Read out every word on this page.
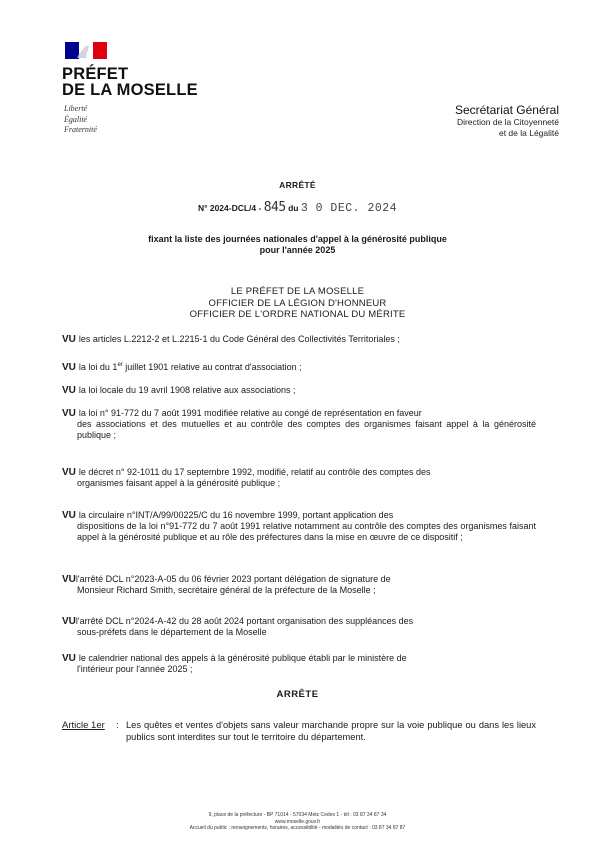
PRÉFET
DE LA MOSELLE
Liberté
Égalité
Fraternité
Secrétariat Général
Direction de la Citoyenneté
et de la Légalité
ARRÊTÉ
N° 2024-DCL/4 - 845 du 3 0 DEC. 2024
fixant la liste des journées nationales d'appel à la générosité publique
pour l'année 2025
LE PRÉFET DE LA MOSELLE
OFFICIER DE LA LÉGION D'HONNEUR
OFFICIER DE L'ORDRE NATIONAL DU MÉRITE
VU les articles L.2212-2 et L.2215-1 du Code Général des Collectivités Territoriales ;
VU la loi du 1er juillet 1901 relative au contrat d'association ;
VU la loi locale du 19 avril 1908 relative aux associations ;
VU la loi n° 91-772 du 7 août 1991 modifiée relative au congé de représentation en faveur
des associations et des mutuelles et au contrôle des comptes des organismes faisant appel à la générosité publique ;
VU le décret n° 92-1011 du 17 septembre 1992, modifié, relatif au contrôle des comptes des
organismes faisant appel à la générosité publique ;
VU la circulaire n°INT/A/99/00225/C du 16 novembre 1999, portant application des
dispositions de la loi n°91-772 du 7 août 1991 relative notamment au contrôle des comptes des organismes faisant appel à la générosité publique et au rôle des préfectures dans la mise en œuvre de ce dispositif ;
VUl'arrêté DCL n°2023-A-05 du 06 février 2023 portant délégation de signature de
Monsieur Richard Smith, secrétaire général de la préfecture de la Moselle ;
VUl'arrêté DCL n°2024-A-42 du 28 août 2024 portant organisation des suppléances des
sous-préfets dans le département de la Moselle
VU le calendrier national des appels à la générosité publique établi par le ministère de
l'intérieur pour l'année 2025 ;
ARRÊTE
Article 1er : Les quêtes et ventes d'objets sans valeur marchande propre sur la voie publique ou dans les lieux publics sont interdites sur tout le territoire du département.
9, place de la préfecture - BP 71014 - 57034 Metz Cedex 1 - tél : 03 87 34 87 34
www.moselle.gouv.fr
Accueil du public : renseignements, horaires, accessibilité - modalités de contact : 03 87 34 87 87
